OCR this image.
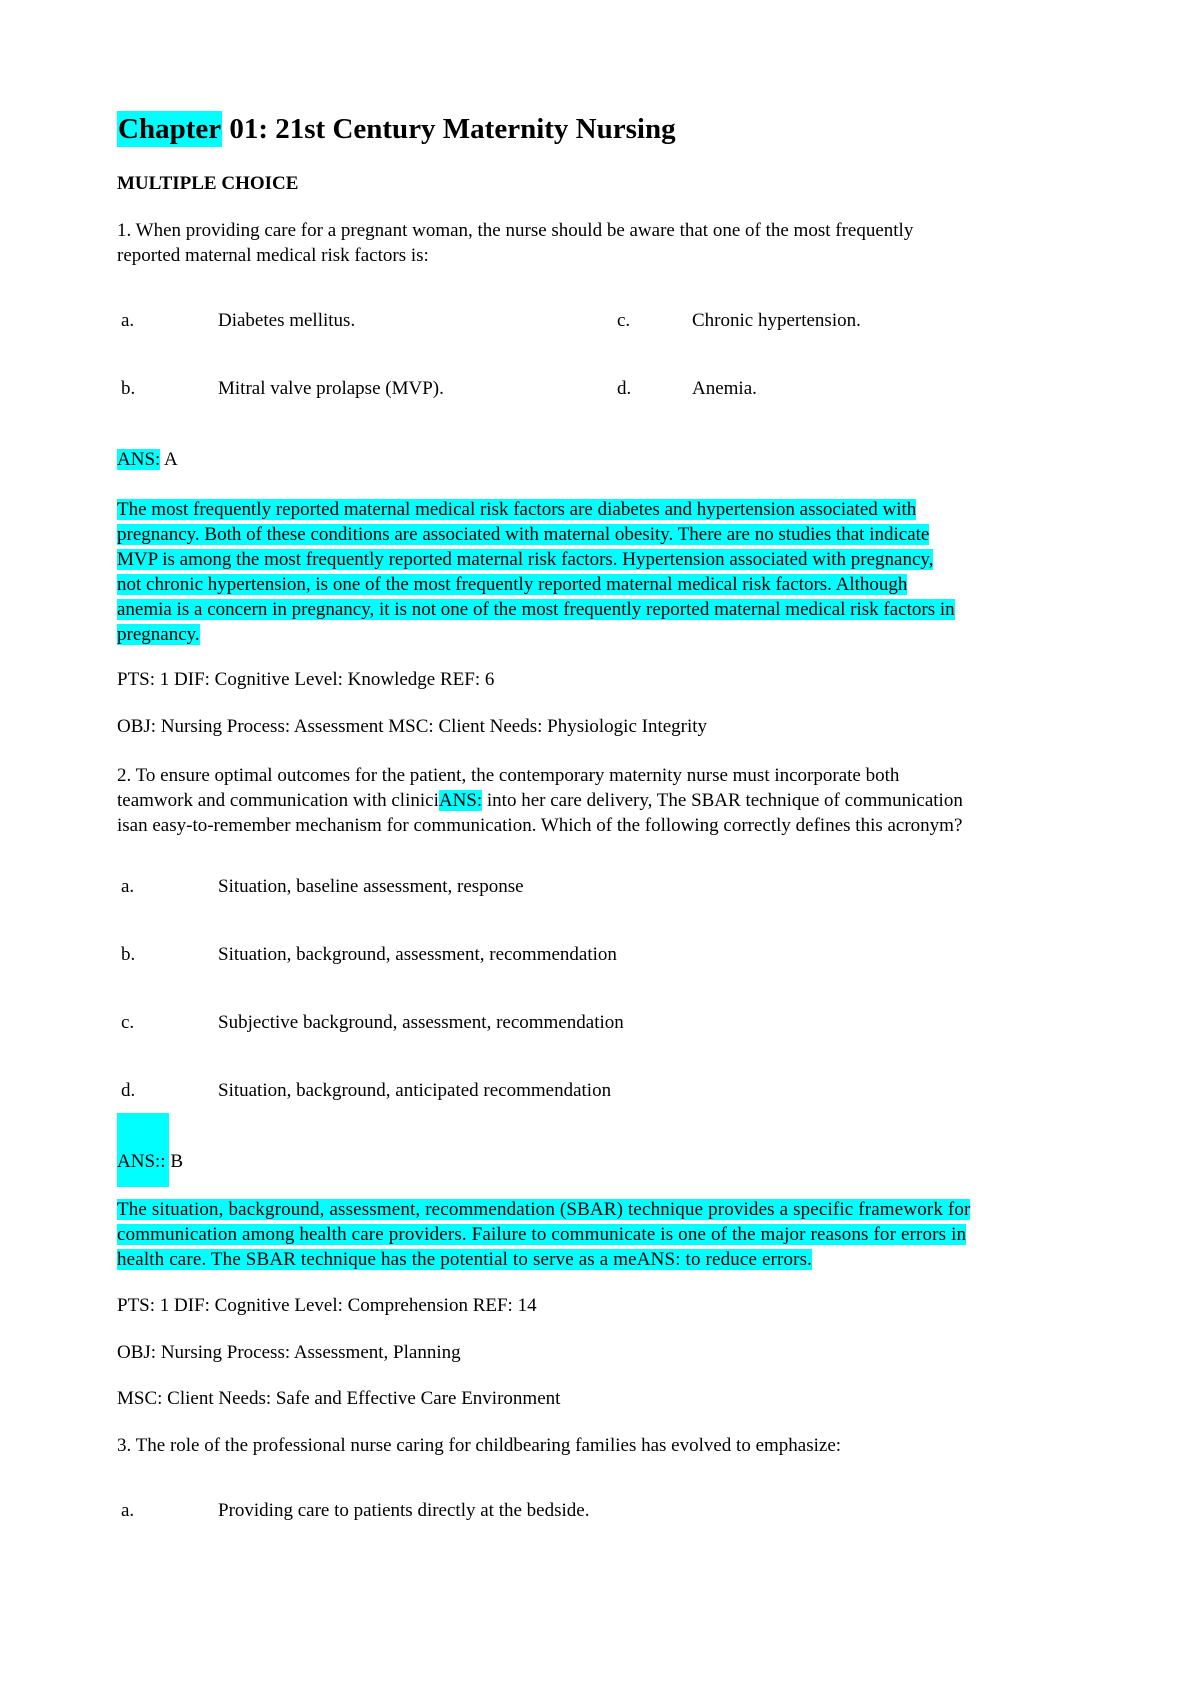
Chapter 01: 21st Century Maternity Nursing
MULTIPLE CHOICE
1. When providing care for a pregnant woman, the nurse should be aware that one of the most frequently
reported maternal medical risk factors is:
a.	Diabetes mellitus.	c.	Chronic hypertension.
b.	Mitral valve prolapse (MVP).	d.	Anemia.
ANS: A
The most frequently reported maternal medical risk factors are diabetes and hypertension associated with
pregnancy. Both of these conditions are associated with maternal obesity. There are no studies that indicate
MVP is among the most frequently reported maternal risk factors. Hypertension associated with pregnancy,
not chronic hypertension, is one of the most frequently reported maternal medical risk factors. Although
anemia is a concern in pregnancy, it is not one of the most frequently reported maternal medical risk factors in
pregnancy.
PTS: 1 DIF: Cognitive Level: Knowledge REF: 6
OBJ: Nursing Process: Assessment MSC: Client Needs: Physiologic Integrity
2. To ensure optimal outcomes for the patient, the contemporary maternity nurse must incorporate both
teamwork and communication with cliniciANS: into her care delivery, The SBAR technique of communication
isan easy-to-remember mechanism for communication. Which of the following correctly defines this acronym?
a.	Situation, baseline assessment, response
b.	Situation, background, assessment, recommendation
c.	Subjective background, assessment, recommendation
d.	Situation, background, anticipated recommendation
ANS:: B
The situation, background, assessment, recommendation (SBAR) technique provides a specific framework for
communication among health care providers. Failure to communicate is one of the major reasons for errors in
health care. The SBAR technique has the potential to serve as a meANS: to reduce errors.
PTS: 1 DIF: Cognitive Level: Comprehension REF: 14
OBJ: Nursing Process: Assessment, Planning
MSC: Client Needs: Safe and Effective Care Environment
3. The role of the professional nurse caring for childbearing families has evolved to emphasize:
a.	Providing care to patients directly at the bedside.
